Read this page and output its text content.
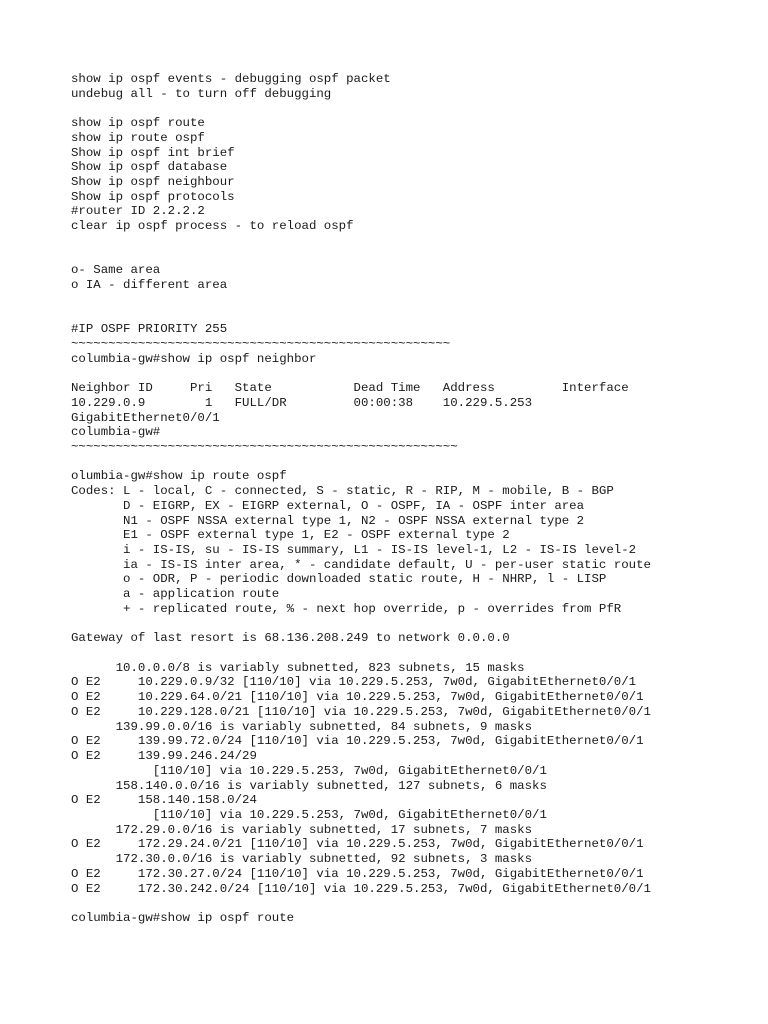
show ip ospf events - debugging ospf packet
undebug all - to turn off debugging
show ip ospf route
show ip route ospf
Show ip ospf int brief
Show ip ospf database
Show ip ospf neighbour
Show ip ospf protocols
#router ID 2.2.2.2
clear ip ospf process - to reload ospf
o- Same area
o IA - different area
#IP OSPF PRIORITY 255
~~~~~~~~~~~~~~~~~~~~~~~~~~~~~~~~~~~~~~~~~~~~~~~~~~~
columbia-gw#show ip ospf neighbor
Neighbor ID     Pri   State           Dead Time   Address         Interface
10.229.0.9        1   FULL/DR         00:00:38    10.229.5.253
GigabitEthernet0/0/1
columbia-gw#
~~~~~~~~~~~~~~~~~~~~~~~~~~~~~~~~~~~~~~~~~~~~~~~~~~~~
olumbia-gw#show ip route ospf
Codes: L - local, C - connected, S - static, R - RIP, M - mobile, B - BGP
D - EIGRP, EX - EIGRP external, O - OSPF, IA - OSPF inter area
N1 - OSPF NSSA external type 1, N2 - OSPF NSSA external type 2
E1 - OSPF external type 1, E2 - OSPF external type 2
i - IS-IS, su - IS-IS summary, L1 - IS-IS level-1, L2 - IS-IS level-2
ia - IS-IS inter area, * - candidate default, U - per-user static route
o - ODR, P - periodic downloaded static route, H - NHRP, l - LISP
a - application route
+ - replicated route, % - next hop override, p - overrides from PfR
Gateway of last resort is 68.136.208.249 to network 0.0.0.0
10.0.0.0/8 is variably subnetted, 823 subnets, 15 masks
O E2     10.229.0.9/32 [110/10] via 10.229.5.253, 7w0d, GigabitEthernet0/0/1
O E2     10.229.64.0/21 [110/10] via 10.229.5.253, 7w0d, GigabitEthernet0/0/1
O E2     10.229.128.0/21 [110/10] via 10.229.5.253, 7w0d, GigabitEthernet0/0/1
139.99.0.0/16 is variably subnetted, 84 subnets, 9 masks
O E2     139.99.72.0/24 [110/10] via 10.229.5.253, 7w0d, GigabitEthernet0/0/1
O E2     139.99.246.24/29
[110/10] via 10.229.5.253, 7w0d, GigabitEthernet0/0/1
158.140.0.0/16 is variably subnetted, 127 subnets, 6 masks
O E2     158.140.158.0/24
[110/10] via 10.229.5.253, 7w0d, GigabitEthernet0/0/1
172.29.0.0/16 is variably subnetted, 17 subnets, 7 masks
O E2     172.29.24.0/21 [110/10] via 10.229.5.253, 7w0d, GigabitEthernet0/0/1
172.30.0.0/16 is variably subnetted, 92 subnets, 3 masks
O E2     172.30.27.0/24 [110/10] via 10.229.5.253, 7w0d, GigabitEthernet0/0/1
O E2     172.30.242.0/24 [110/10] via 10.229.5.253, 7w0d, GigabitEthernet0/0/1
columbia-gw#show ip ospf route
